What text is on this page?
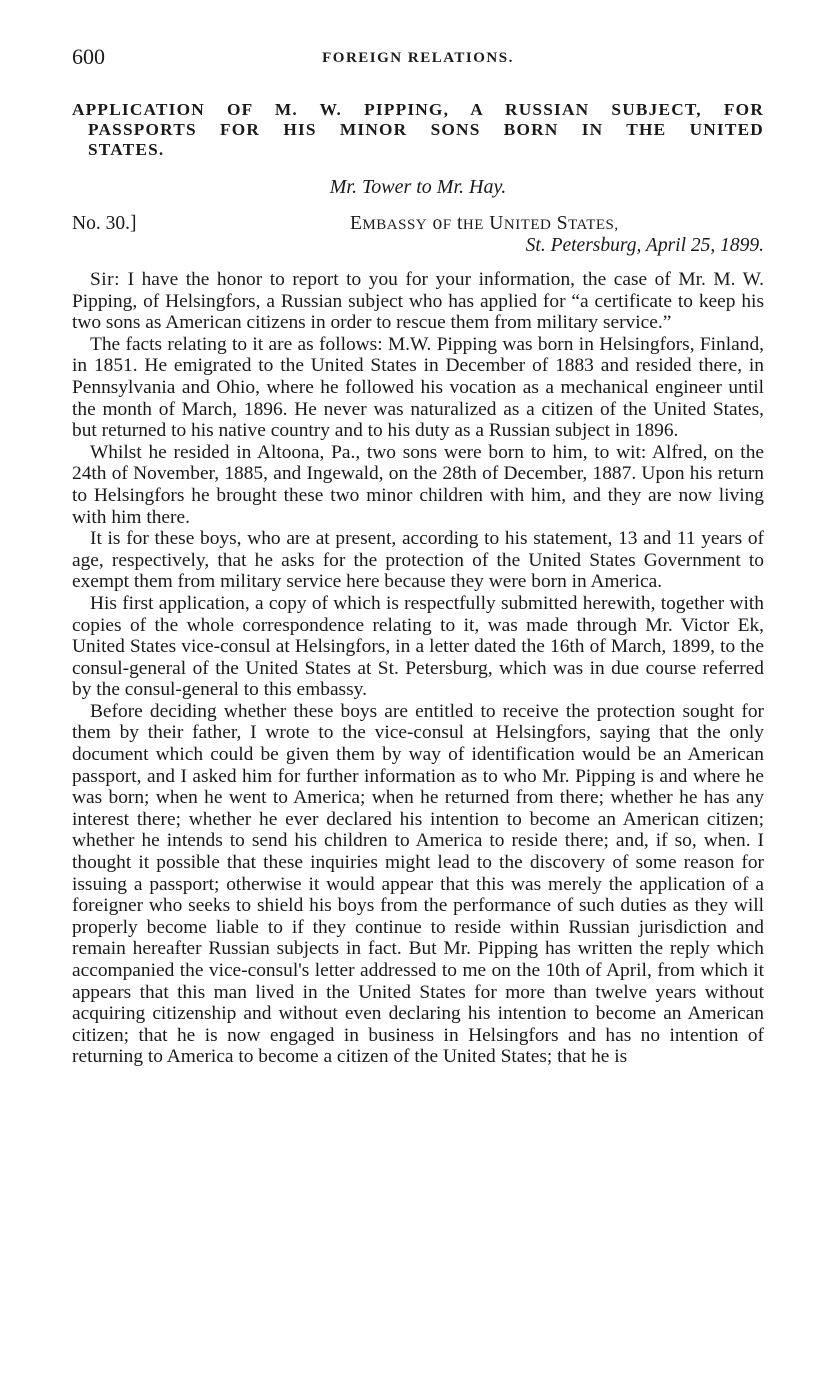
600	FOREIGN RELATIONS.
APPLICATION OF M. W. PIPPING, A RUSSIAN SUBJECT, FOR
PASSPORTS FOR HIS MINOR SONS BORN IN THE UNITED
STATES.
Mr. Tower to Mr. Hay.
No. 30.]	EMBASSY oF tHE UNITED STATES,
St. Petersburg, April 25, 1899.

Sir: I have the honor to report to you for your information, the case of Mr. M. W. Pipping, of Helsingfors, a Russian subject who has applied for “a certificate to keep his two sons as American citizens in order to rescue them from military service.”

The facts relating to it are as follows: M.W. Pipping was born in Helsingfors, Finland, in 1851. He emigrated to the United States in December of 1883 and resided there, in Pennsylvania and Ohio, where he followed his vocation as a mechanical engineer until the month of March, 1896. He never was naturalized as a citizen of the United States, but returned to his native country and to his duty as a Russian subject in 1896.

Whilst he resided in Altoona, Pa., two sons were born to him, to wit: Alfred, on the 24th of November, 1885, and Ingewald, on the 28th of December, 1887. Upon his return to Helsingfors he brought these two minor children with him, and they are now living with him there.

It is for these boys, who are at present, according to his statement, 13 and 11 years of age, respectively, that he asks for the protection of the United States Government to exempt them from military service here because they were born in America.

His first application, a copy of which is respectfully submitted herewith, together with copies of the whole correspondence relating to it, was made through Mr. Victor Ek, United States vice-consul at Helsingfors, in a letter dated the 16th of March, 1899, to the consul-general of the United States at St. Petersburg, which was in due course referred by the consul-general to this embassy.

Before deciding whether these boys are entitled to receive the protection sought for them by their father, I wrote to the vice-consul at Helsingfors, saying that the only document which could be given them by way of identification would be an American passport, and I asked him for further information as to who Mr. Pipping is and where he was born; when he went to America; when he returned from there; whether he has any interest there; whether he ever declared his intention to become an American citizen; whether he intends to send his children to America to reside there; and, if so, when. I thought it possible that these inquiries might lead to the discovery of some reason for issuing a passport; otherwise it would appear that this was merely the application of a foreigner who seeks to shield his boys from the performance of such duties as they will properly become liable to if they continue to reside within Russian jurisdiction and remain hereafter Russian subjects in fact. But Mr. Pipping has written the reply which accompanied the vice-consul's letter addressed to me on the 10th of April, from which it appears that this man lived in the United States for more than twelve years without acquiring citizenship and without even declaring his intention to become an American citizen; that he is now engaged in business in Helsingfors and has no intention of returning to America to become a citizen of the United States; that he is
